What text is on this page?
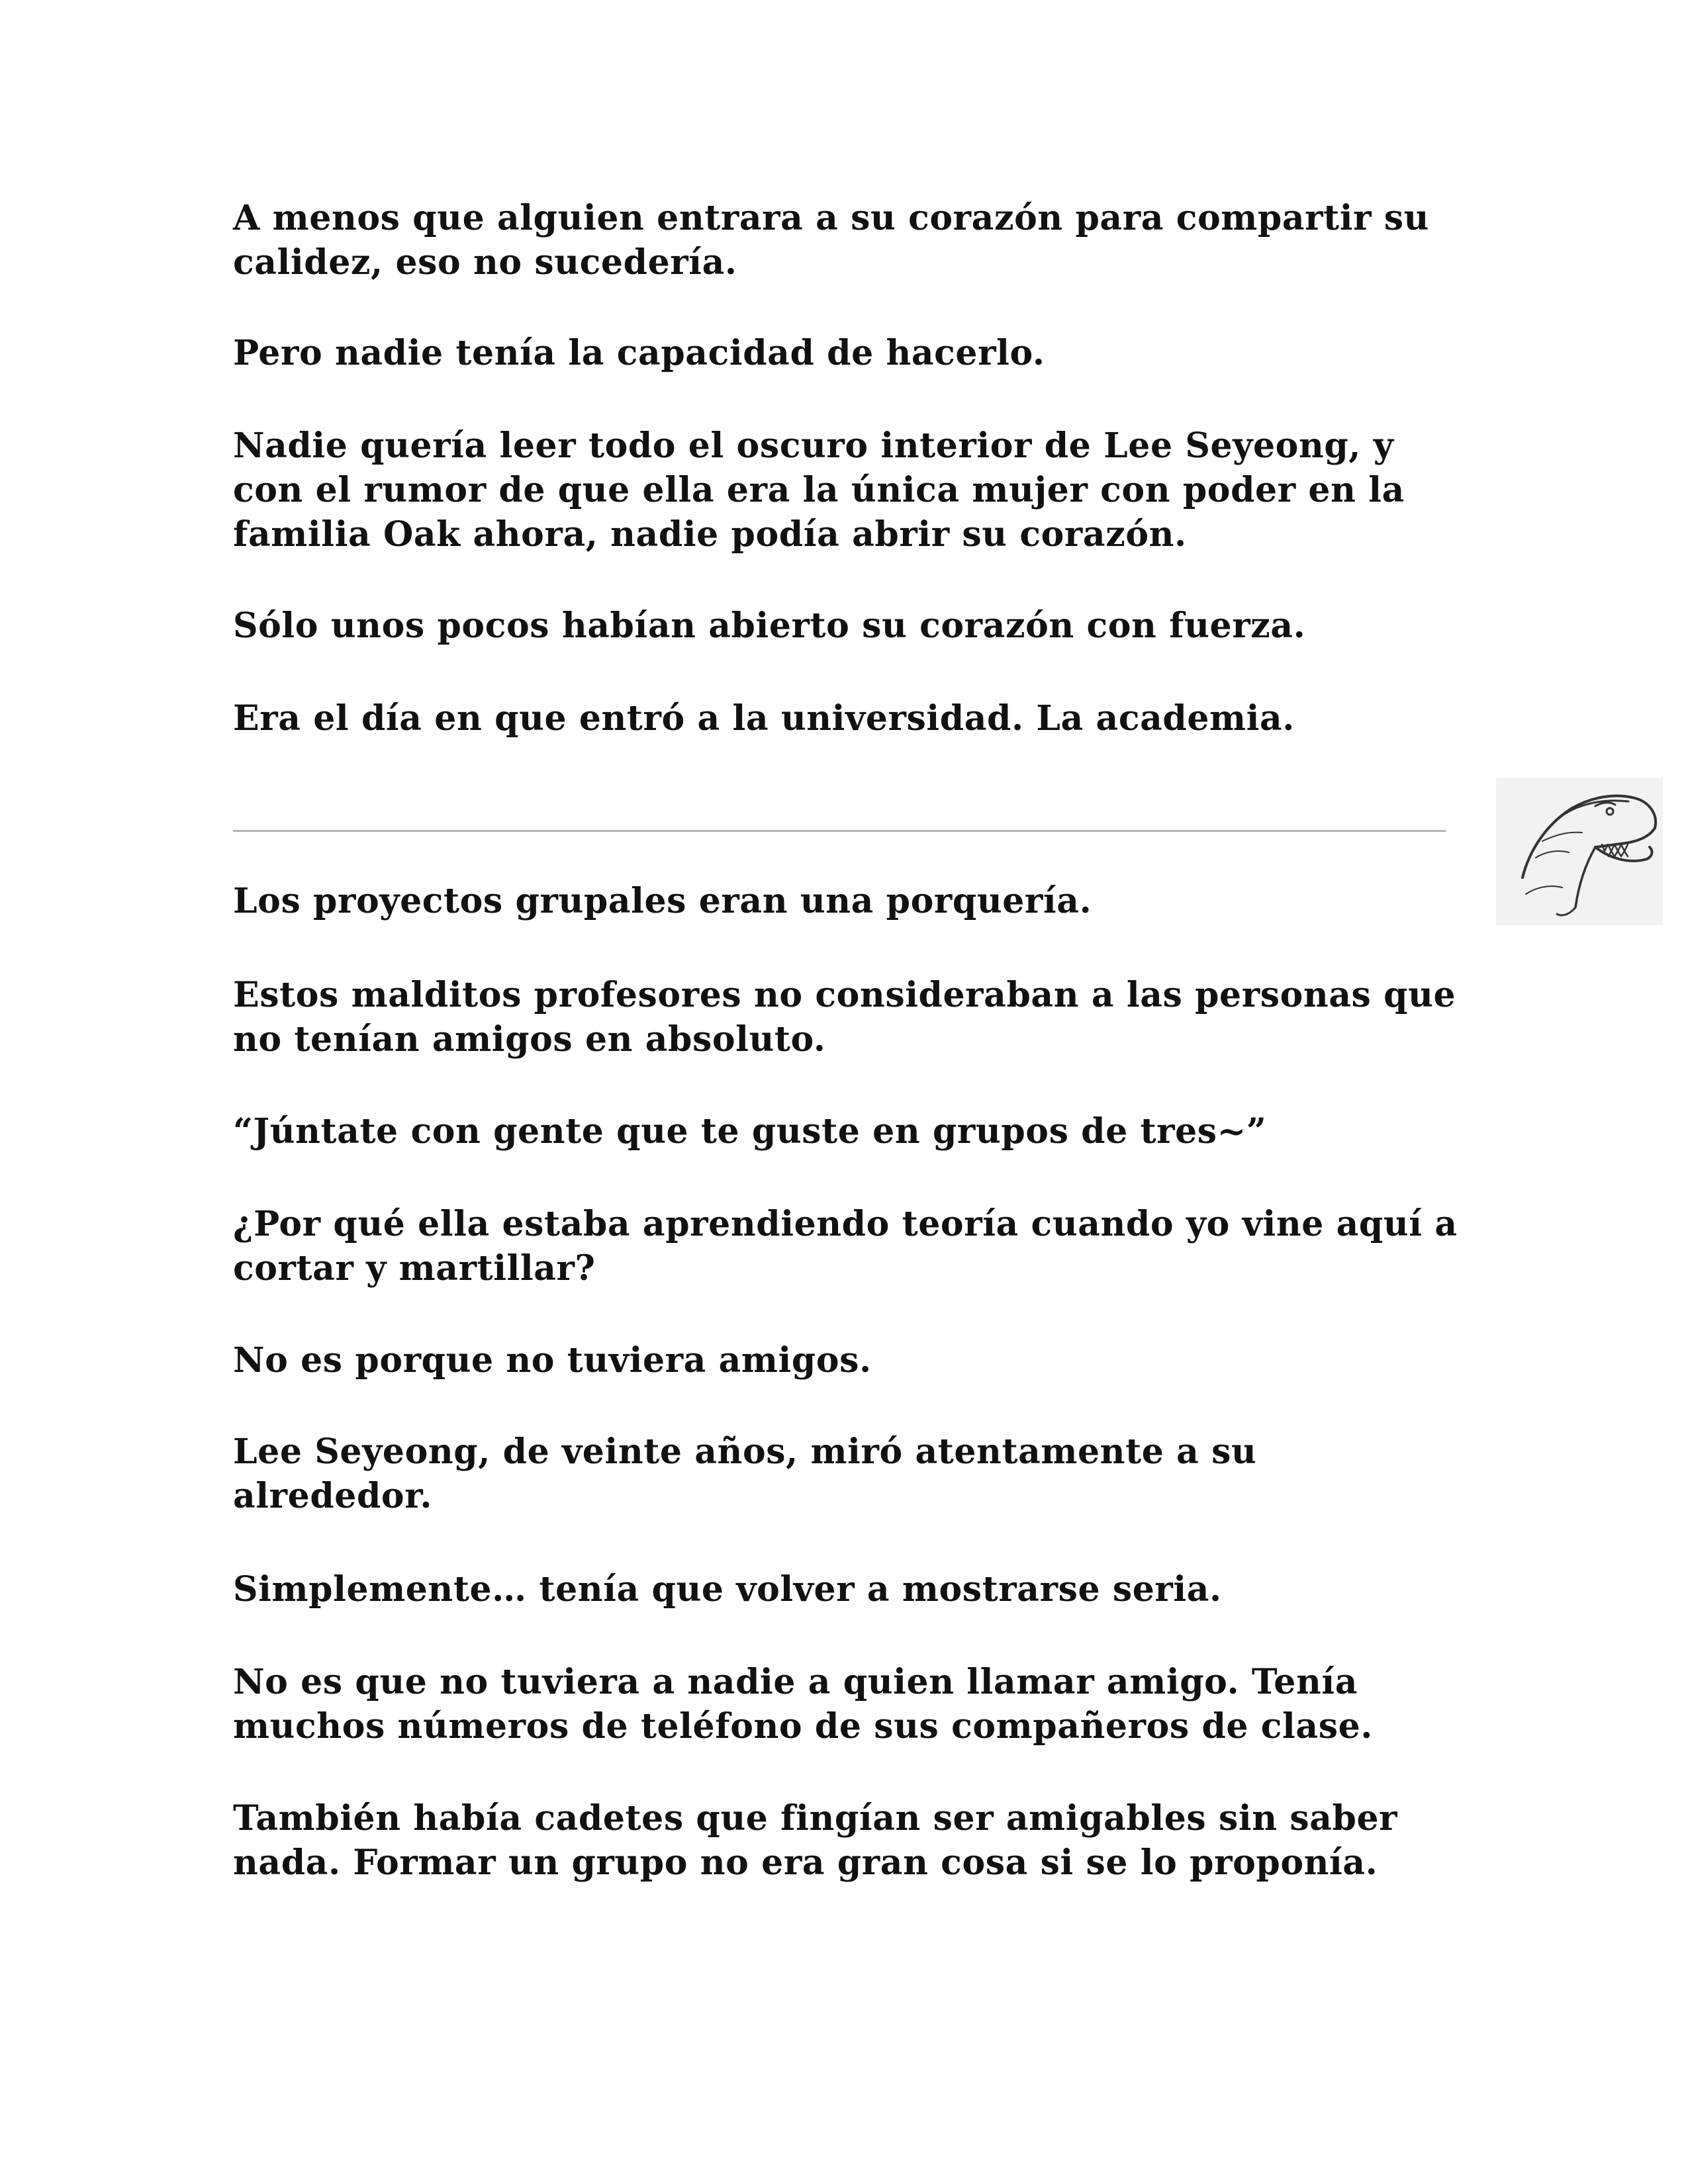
A menos que alguien entrara a su corazón para compartir su calidez, eso no sucedería.

Pero nadie tenía la capacidad de hacerlo.

Nadie quería leer todo el oscuro interior de Lee Seyeong, y con el rumor de que ella era la única mujer con poder en la familia Oak ahora, nadie podía abrir su corazón.

Sólo unos pocos habían abierto su corazón con fuerza.

Era el día en que entró a la universidad. La academia.

Los proyectos grupales eran una porquería.

Estos malditos profesores no consideraban a las personas que no tenían amigos en absoluto.

“Júntate con gente que te guste en grupos de tres~”

¿Por qué ella estaba aprendiendo teoría cuando yo vine aquí a cortar y martillar?

No es porque no tuviera amigos.

Lee Seyeong, de veinte años, miró atentamente a su alrededor.

Simplemente… tenía que volver a mostrarse seria.

No es que no tuviera a nadie a quien llamar amigo. Tenía muchos números de teléfono de sus compañeros de clase.

También había cadetes que fingían ser amigables sin saber nada. Formar un grupo no era gran cosa si se lo proponía.
